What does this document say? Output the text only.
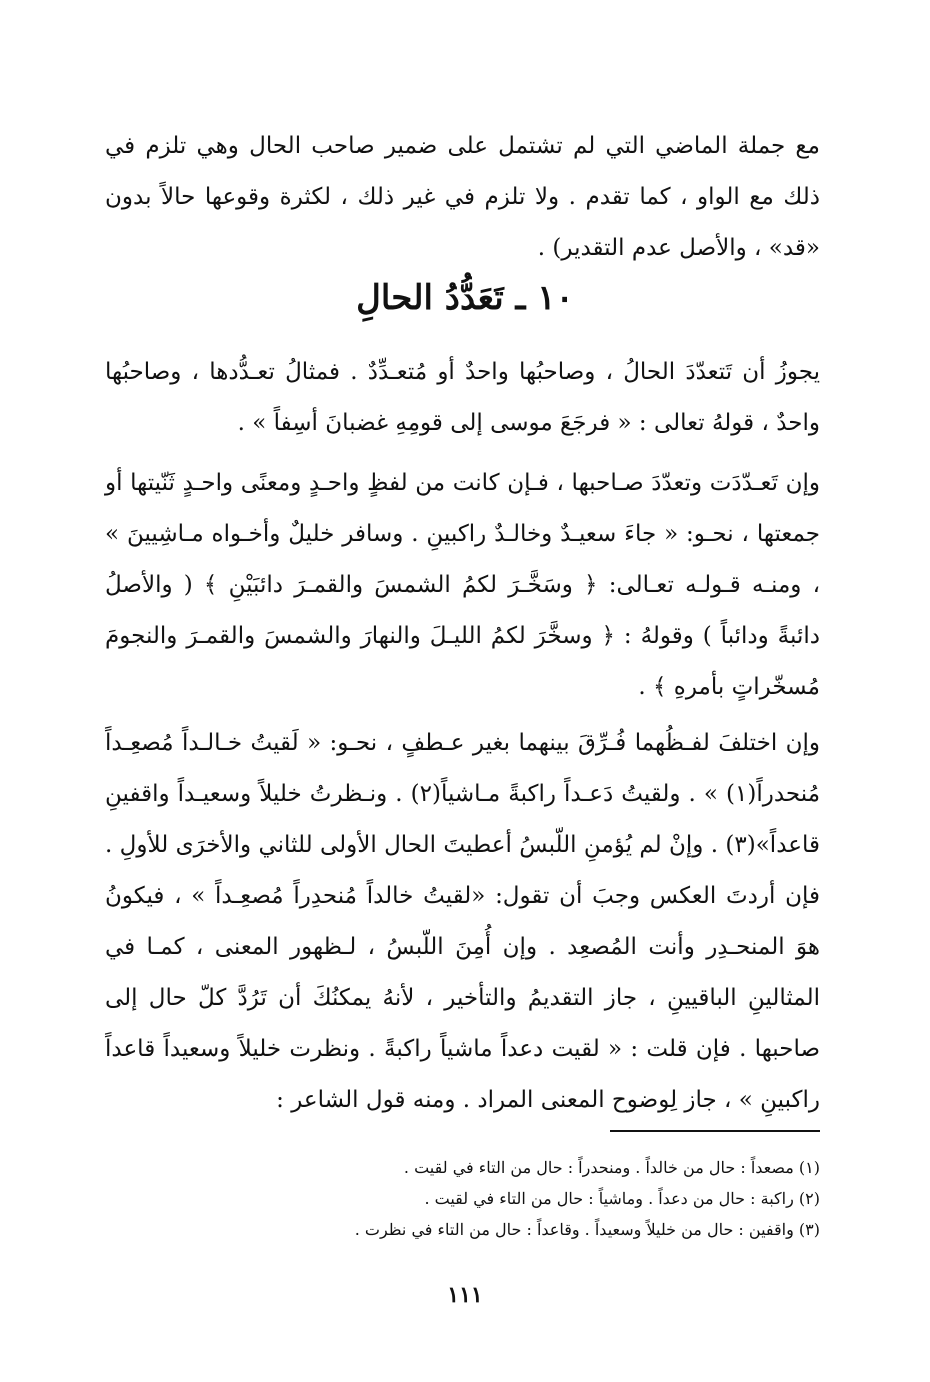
مع جملة الماضي التي لم تشتمل على ضمير صاحب الحال وهي تلزم في ذلك مع الواو ، كما تقدم . ولا تلزم في غير ذلك ، لكثرة وقوعها حالاً بدون «قد» ، والأصل عدم التقدير) .
١٠ ـ تَعَدُّدُ الحالِ
يجوزُ أن تَتعدّدَ الحالُ ، وصاحبُها واحدٌ أو مُتعـدِّدٌ . فمثالُ تعـدُّدها ، وصاحبُها واحدٌ ، قولهُ تعالى : « فرجَعَ موسى إلى قومِهِ غضبانَ أسِفاً » .
وإن تَعـدّدَت وتعدّدَ صـاحبها ، فـإن كانت من لفظٍ واحـدٍ ومعنًى واحـدٍ ثَنّيتها أو جمعتها ، نحـو: « جاءَ سعيـدٌ وخالـدٌ راكبينِ . وسافر خليلٌ وأخـواه مـاشِيينَ » ، ومنـه قـولـه تعـالى: ﴿ وسَخَّـرَ لكمُ الشمسَ والقمـرَ دائبَيْنِ ﴾ ( والأصلُ دائبةً ودائباً ) وقولهُ : ﴿ وسخَّرَ لكمُ الليـلَ والنهارَ والشمسَ والقمـرَ والنجومَ مُسخّراتٍ بأمرهِ ﴾ .
وإن اختلفَ لفـظُهما فُـرِّقَ بينهما بغير عـطفٍ ، نحـو: « لَقيتُ خـالـداً مُصعِـداً مُنحدراً(١) » . ولقيتُ دَعـداً راكبةً مـاشياً(٢) . ونـظرتُ خليلاً وسعيـداً واقفينِ قاعداً»(٣) . وإنْ لم يُؤمنِ اللّبسُ أعطيتَ الحال الأولى للثاني والأخرَى للأولِ . فإن أردتَ العكس وجبَ أن تقول: «لقيتُ خالداً مُنحدِراً مُصعِـداً » ، فيكونُ هوَ المنحـدِر وأنت المُصعِد . وإن أُمِنَ اللّبسُ ، لـظهور المعنى ، كمـا في المثالينِ الباقيينِ ، جاز التقديمُ والتأخير ، لأنهُ يمكنُكَ أن تَرُدَّ كلّ حال إلى صاحبها . فإن قلت : « لقيت دعداً ماشياً راكبةً . ونظرت خليلاً وسعيداً قاعداً راكبينِ » ، جاز لِوضوح المعنى المراد . ومنه قول الشاعر :
(١) مصعداً : حال من خالداً . ومنحدراً : حال من التاء في لقيت .
(٢) راكبة : حال من دعداً . وماشياً : حال من التاء في لقيت .
(٣) واقفين : حال من خليلاً وسعيداً . وقاعداً : حال من التاء في نظرت .
١١١
